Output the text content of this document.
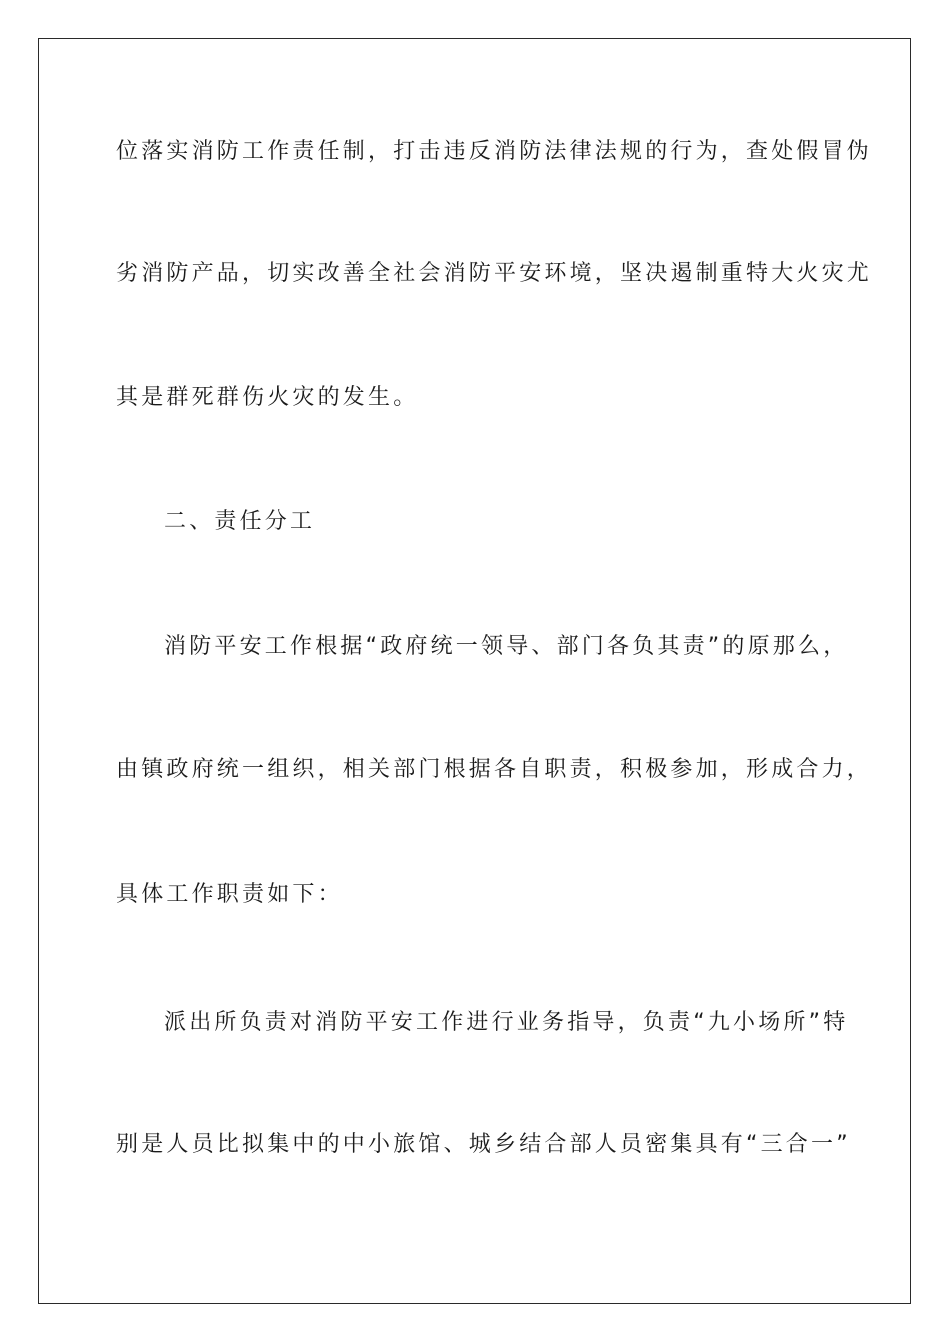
位落实消防工作责任制，打击违反消防法律法规的行为，查处假冒伪
劣消防产品，切实改善全社会消防平安环境，坚决遏制重特大火灾尤
其是群死群伤火灾的发生。
二、责任分工
消防平安工作根据“政府统一领导、部门各负其责”的原那么，
由镇政府统一组织，相关部门根据各自职责，积极参加，形成合力，
具体工作职责如下：
派出所负责对消防平安工作进行业务指导，负责“九小场所”特
别是人员比拟集中的中小旅馆、城乡结合部人员密集具有“三合一”
